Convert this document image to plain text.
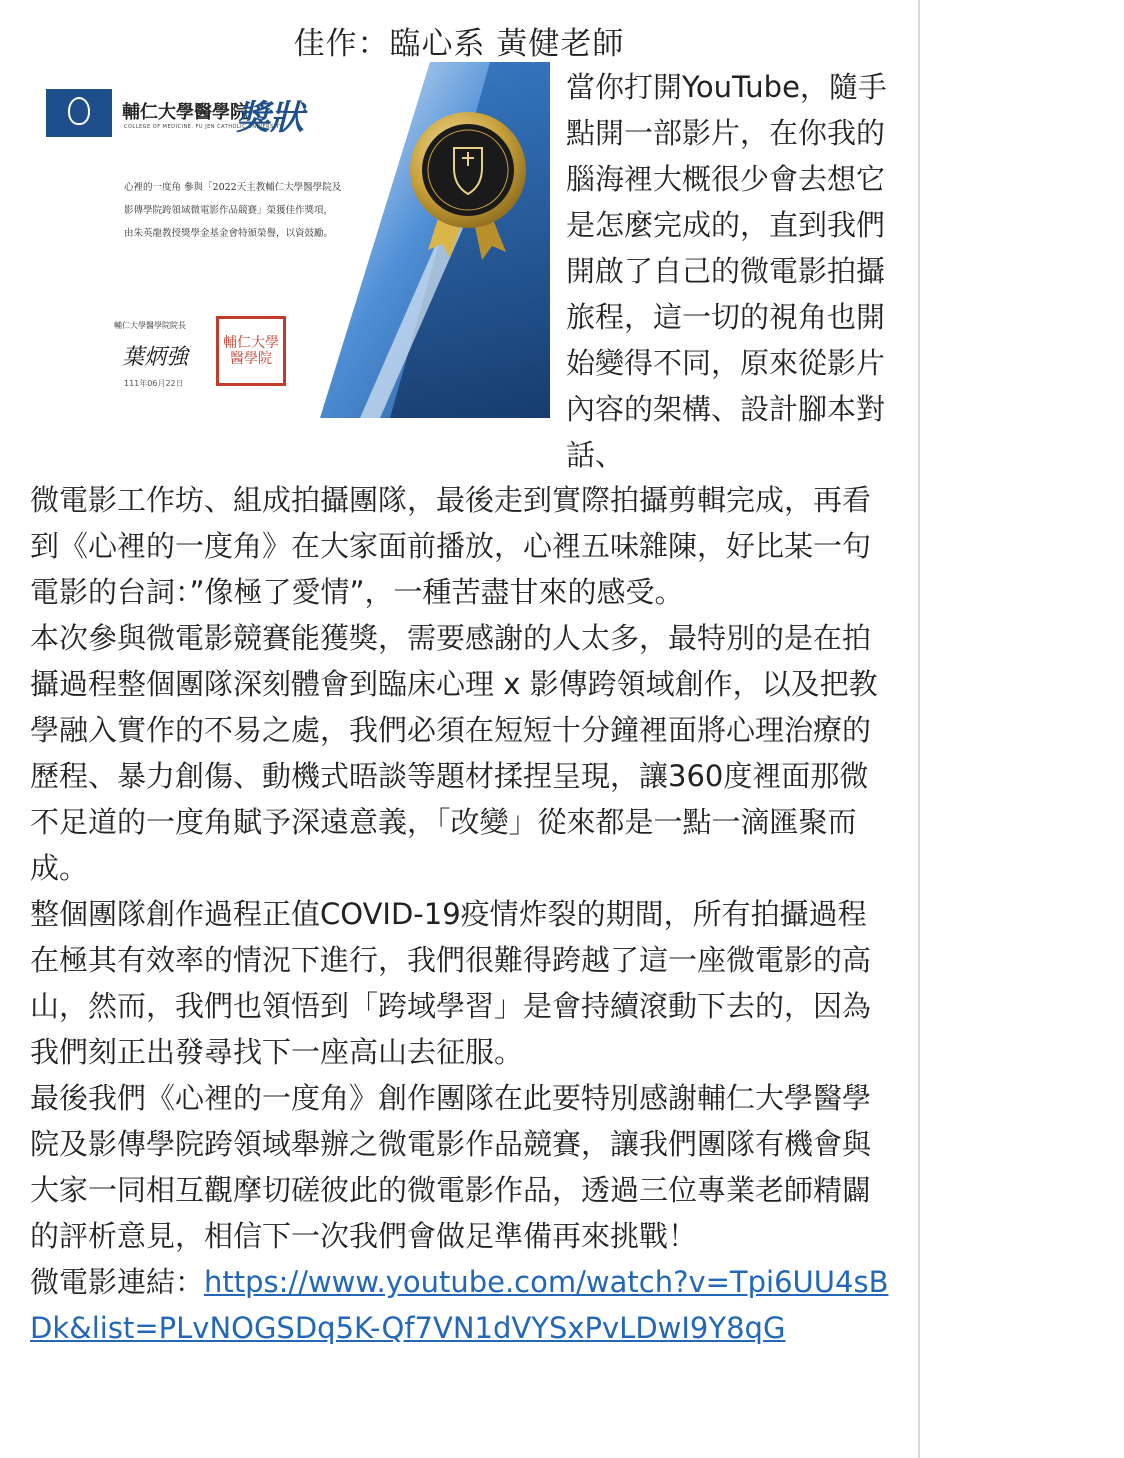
佳作：臨心系 黃健老師
輔仁大學醫學院
COLLEGE OF MEDICINE, FU JEN CATHOLIC UNIVERSITY
獎狀
心裡的一度角 參與「2022天主教輔仁大學醫學院及
影傳學院跨領域微電影作品競賽」榮獲佳作獎項，
由朱英龍教授獎學金基金會特頒榮譽，以資鼓勵。
輔仁大學醫學院院長
葉炳強
111年06月22日
輔仁大學醫學院
當你打開YouTube，隨手點開一部影片，在你我的腦海裡大概很少會去想它是怎麼完成的，直到我們開啟了自己的微電影拍攝旅程，這一切的視角也開始變得不同，原來從影片內容的架構、設計腳本對話、

微電影工作坊、組成拍攝團隊，最後走到實際拍攝剪輯完成，再看到《心裡的一度角》在大家面前播放，心裡五味雜陳，好比某一句電影的台詞：”像極了愛情”，一種苦盡甘來的感受。

本次參與微電影競賽能獲獎，需要感謝的人太多，最特別的是在拍攝過程整個團隊深刻體會到臨床心理 x 影傳跨領域創作，以及把教學融入實作的不易之處，我們必須在短短十分鐘裡面將心理治療的歷程、暴力創傷、動機式晤談等題材揉捏呈現，讓360度裡面那微不足道的一度角賦予深遠意義，「改變」從來都是一點一滴匯聚而成。

整個團隊創作過程正值COVID-19疫情炸裂的期間，所有拍攝過程在極其有效率的情況下進行，我們很難得跨越了這一座微電影的高山，然而，我們也領悟到「跨域學習」是會持續滾動下去的，因為我們刻正出發尋找下一座高山去征服。

最後我們《心裡的一度角》創作團隊在此要特別感謝輔仁大學醫學院及影傳學院跨領域舉辦之微電影作品競賽，讓我們團隊有機會與大家一同相互觀摩切磋彼此的微電影作品，透過三位專業老師精闢的評析意見，相信下一次我們會做足準備再來挑戰！

微電影連結：https://www.youtube.com/watch?v=Tpi6UU4sBDk&list=PLvNOGSDq5K-Qf7VN1dVYSxPvLDwI9Y8qG
